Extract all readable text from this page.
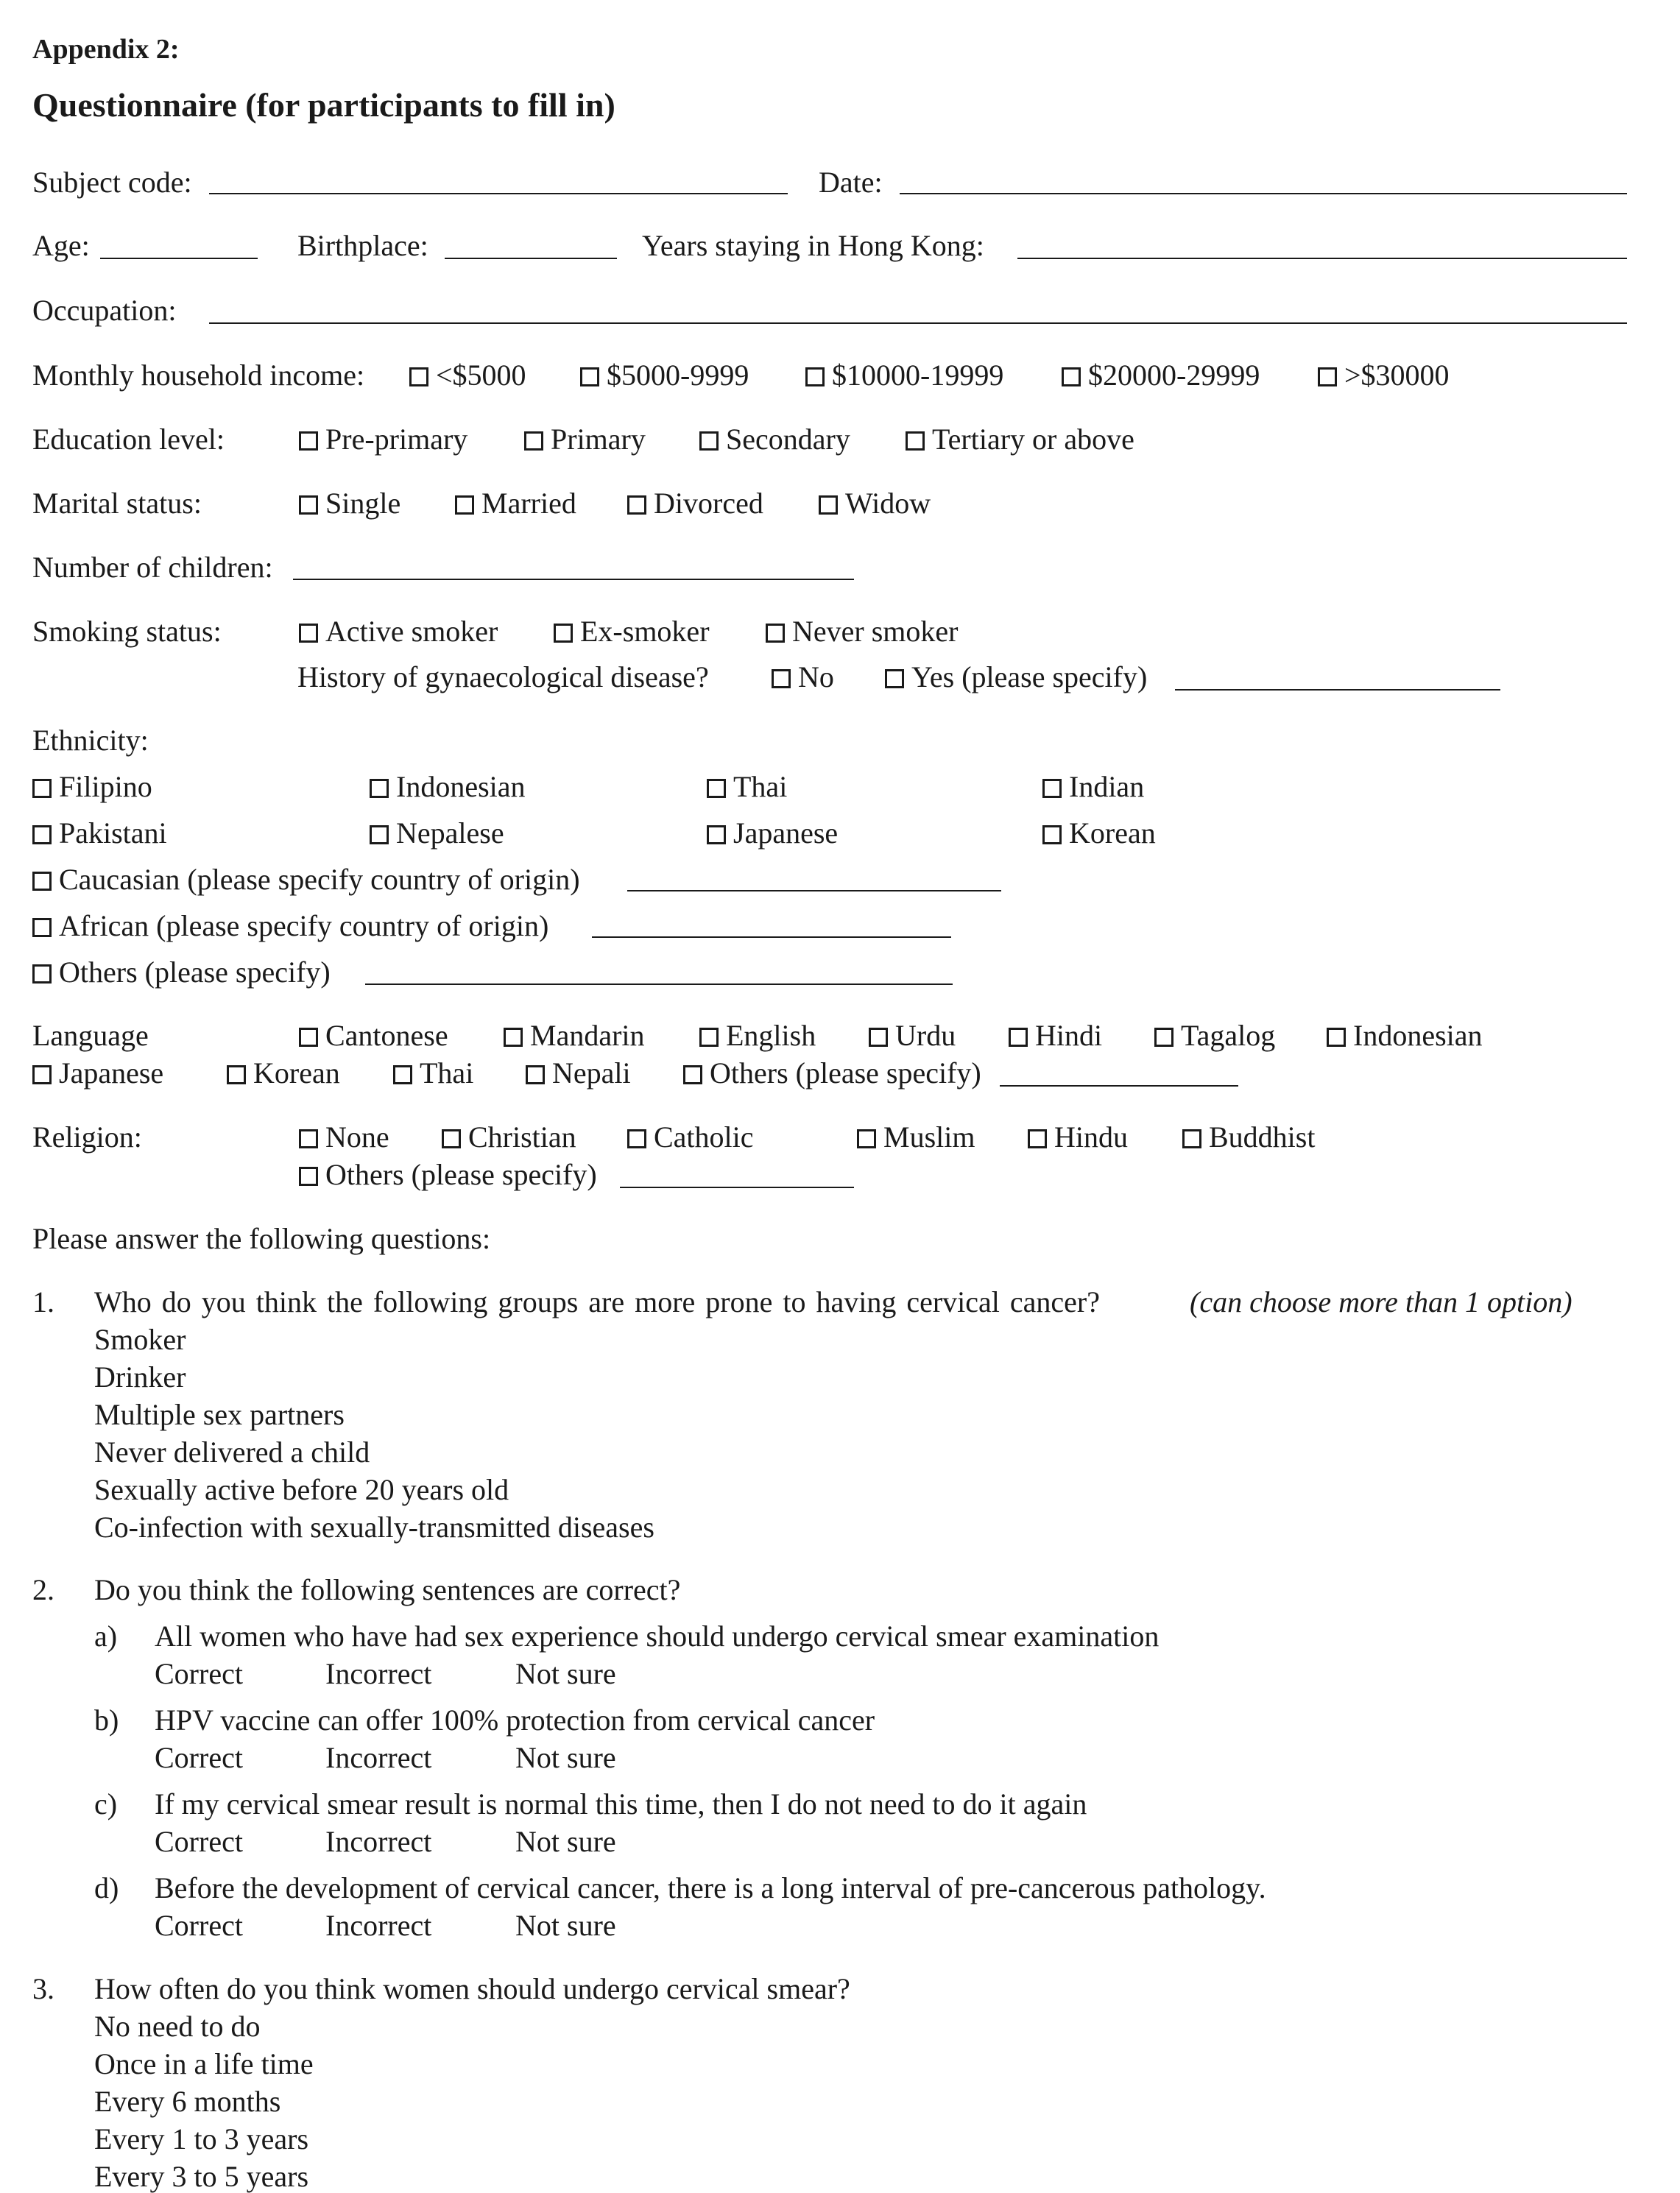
Appendix 2:
Questionnaire (for participants to fill in)
Subject code:	Date:
Age:	Birthplace:	Years staying in Hong Kong:
Occupation:
Monthly household income:	<$5000	$5000-9999	$10000-19999	$20000-29999	>$30000
Education level:	Pre-primary	Primary	Secondary	Tertiary or above
Marital status:	Single	Married	Divorced	Widow
Number of children:
Smoking status:	Active smoker	Ex-smoker	Never smoker
History of gynaecological disease?	No	Yes (please specify)
Ethnicity:
Filipino	Indonesian	Thai	Indian
Pakistani	Nepalese	Japanese	Korean
Caucasian (please specify country of origin)
African (please specify country of origin)
Others (please specify)
Language	Cantonese	Mandarin	English	Urdu	Hindi	Tagalog	Indonesian
Japanese	Korean	Thai	Nepali	Others (please specify)
Religion:	None	Christian	Catholic	Muslim	Hindu	Buddhist
Others (please specify)
Please answer the following questions:
1. Who do you think the following groups are more prone to having cervical cancer?	(can choose more than 1 option)
Smoker
Drinker
Multiple sex partners
Never delivered a child
Sexually active before 20 years old
Co-infection with sexually-transmitted diseases
2. Do you think the following sentences are correct?
a) All women who have had sex experience should undergo cervical smear examination
Correct	Incorrect	Not sure
b) HPV vaccine can offer 100% protection from cervical cancer
Correct	Incorrect	Not sure
c) If my cervical smear result is normal this time, then I do not need to do it again
Correct	Incorrect	Not sure
d) Before the development of cervical cancer, there is a long interval of pre-cancerous pathology.
Correct	Incorrect	Not sure
3. How often do you think women should undergo cervical smear?
No need to do
Once in a life time
Every 6 months
Every 1 to 3 years
Every 3 to 5 years
